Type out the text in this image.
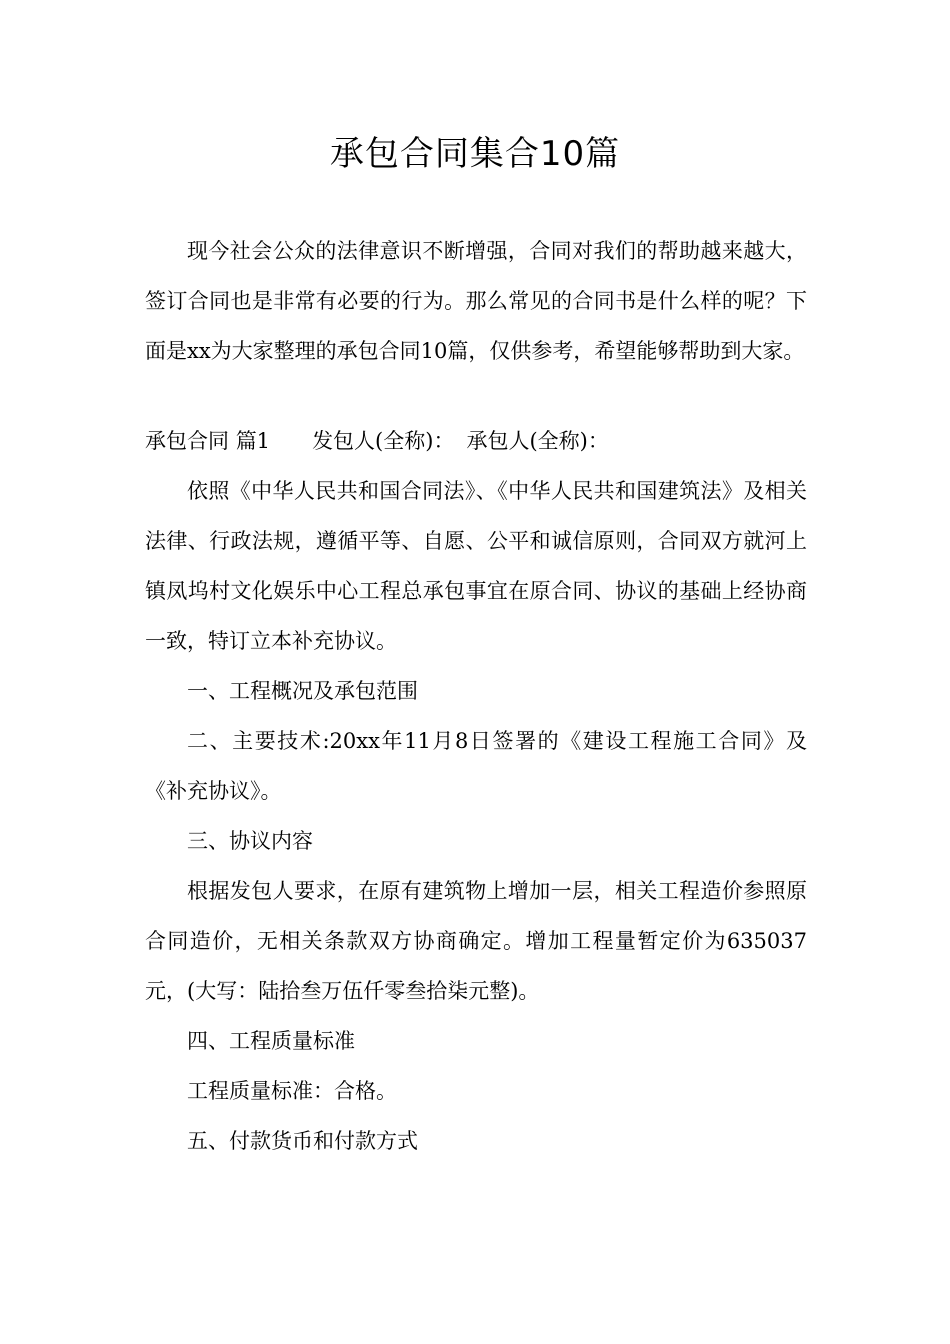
承包合同集合10篇

现今社会公众的法律意识不断增强，合同对我们的帮助越来越大，签订合同也是非常有必要的行为。那么常见的合同书是什么样的呢？下面是xx为大家整理的承包合同10篇，仅供参考，希望能够帮助到大家。

承包合同 篇1 发包人(全称)： 承包人(全称)：

依照《中华人民共和国合同法》、《中华人民共和国建筑法》及相关法律、行政法规，遵循平等、自愿、公平和诚信原则，合同双方就河上镇凤坞村文化娱乐中心工程总承包事宜在原合同、协议的基础上经协商一致，特订立本补充协议。

一、工程概况及承包范围

二、主要技术:20xx年11月8日签署的《建设工程施工合同》及《补充协议》。

三、协议内容

根据发包人要求，在原有建筑物上增加一层，相关工程造价参照原合同造价，无相关条款双方协商确定。增加工程量暂定价为635037元，(大写：陆拾叁万伍仟零叁拾柒元整)。

四、工程质量标准

工程质量标准：合格。

五、付款货币和付款方式
